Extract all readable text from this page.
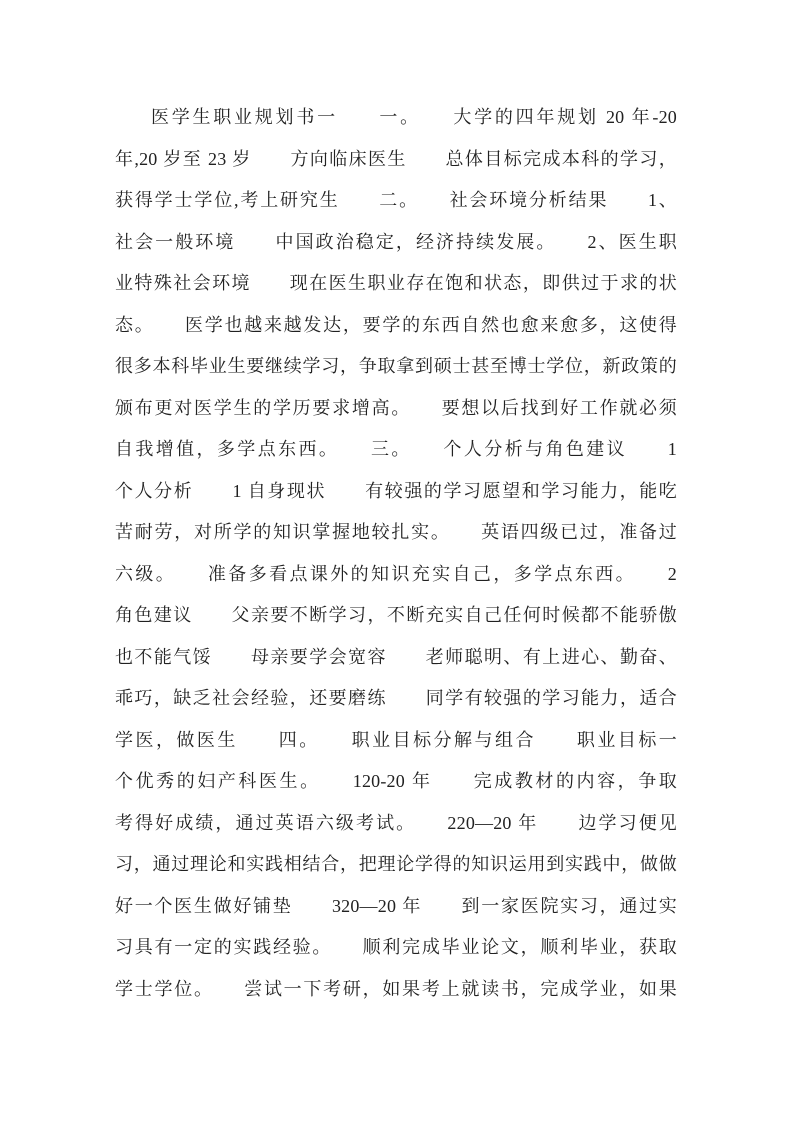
医学生职业规划书一　　一。　　大学的四年规划 20 年-20
年,20 岁至 23 岁　　方向临床医生　　总体目标完成本科的学习，
获得学士学位,考上研究生　　二。　　社会环境分析结果　　1、
社会一般环境　　中国政治稳定，经济持续发展。　　2、医生职
业特殊社会环境　　现在医生职业存在饱和状态，即供过于求的状
态。　　医学也越来越发达，要学的东西自然也愈来愈多，这使得
很多本科毕业生要继续学习，争取拿到硕士甚至博士学位，新政策的
颁布更对医学生的学历要求增高。　　要想以后找到好工作就必须
自我增值，多学点东西。　　三。　　个人分析与角色建议　　1
个人分析　　1 自身现状　　有较强的学习愿望和学习能力，能吃
苦耐劳，对所学的知识掌握地较扎实。　　英语四级已过，准备过
六级。　　准备多看点课外的知识充实自己，多学点东西。　　2
角色建议　　父亲要不断学习，不断充实自己任何时候都不能骄傲
也不能气馁　　母亲要学会宽容　　老师聪明、有上进心、勤奋、
乖巧，缺乏社会经验，还要磨练　　同学有较强的学习能力，适合
学医，做医生　　四。　　职业目标分解与组合　　职业目标一
个优秀的妇产科医生。　　120-20 年　　完成教材的内容，争取
考得好成绩，通过英语六级考试。　　220—20 年　　边学习便见
习，通过理论和实践相结合，把理论学得的知识运用到实践中，做做
好一个医生做好铺垫　　320—20 年　　到一家医院实习，通过实
习具有一定的实践经验。　　顺利完成毕业论文，顺利毕业，获取
学士学位。　　尝试一下考研，如果考上就读书，完成学业，如果
